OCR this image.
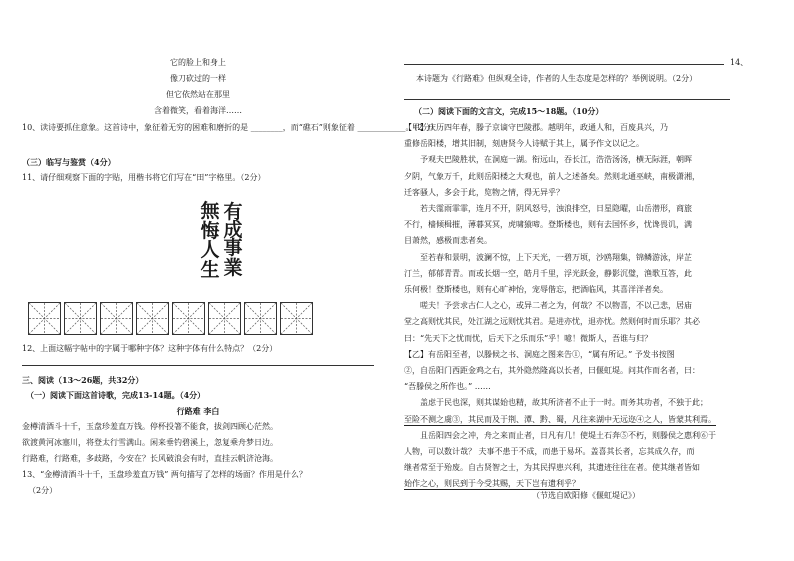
它的脸上和身上
像刀砍过的一样
但它依然站在那里
含着微笑，看着海洋……
10、读诗要抓住意象。这首诗中，象征着无穷的困难和磨折的是 ________，而“礁石”则象征着 ____________。（2分）
（三）临写与鉴赏（4分）
11、请仔细观察下面的字贴，用楷书将它们写在“田”字格里。（2分）
有
成
事
業
無
悔
人
生
12、上面这幅字帖中的字属于哪种字体？这种字体有什么特点？（2分）
三、阅读（13～26题，共32分）
（一）阅读下面这首诗歌，完成13-14题。（4分）
行路难 李白
金樽清酒斗十千，玉盘珍羞直万钱。停杯投箸不能食，拔剑四顾心茫然。
欲渡黄河冰塞川，将登太行雪满山。闲来垂钓碧溪上，忽复乘舟梦日边。
行路难，行路难，多歧路，今安在？长风破浪会有时，直挂云帆济沧海。
13、“金樽清酒斗十千，玉盘珍羞直万钱” 两句描写了怎样的场面？作用是什么？
（2分）
14、
本诗题为《行路难》但纵观全诗，作者的人生态度是怎样的？举例说明。（2分）
（二）阅读下面的文言文，完成15～18题。（10分）
【甲】庆历四年春，滕子京谪守巴陵郡。越明年，政通人和，百废具兴，乃
重修岳阳楼，增其旧制，刻唐贤今人诗赋于其上，属予作文以记之。
予观夫巴陵胜状，在洞庭一湖。衔远山，吞长江，浩浩汤汤，横无际涯，朝晖
夕阴，气象万千，此则岳阳楼之大观也，前人之述备矣。然则北通巫峡，南极潇湘，
迁客骚人，多会于此，览物之情，得无异乎？
若夫霪雨霏霏，连月不开，阴风怒号，浊浪排空，日星隐曜，山岳潜形，商旅
不行，樯倾楫摧，薄暮冥冥，虎啸猿啼。登斯楼也，则有去国怀乡，忧谗畏讥，满
目萧然，感极而悲者矣。
至若春和景明，波澜不惊，上下天光，一碧万顷，沙鸥翔集，锦鳞游泳，岸芷
汀兰，郁郁青青。而或长烟一空，皓月千里，浮光跃金，静影沉璧，渔歌互答，此
乐何极！登斯楼也，则有心旷神怡，宠辱偕忘，把酒临风，其喜洋洋者矣。
嗟夫！予尝求古仁人之心，或异二者之为，何哉？不以物喜，不以己悲，居庙
堂之高则忧其民，处江湖之远则忧其君。是进亦忧，退亦忧。然则何时而乐耶？其必
曰：“先天下之忧而忧，后天下之乐而乐”乎！噫！微斯人，吾谁与归？
【乙】有岳阳至者，以滕候之书、洞庭之图来告①，“属有所记。” 予发书按图
②，自岳阳门西距金鸡之右，其外隐然隆高以长者，曰偃虹堤。问其作而名者，曰：
“吾滕侯之所作也。” ……
盖虑于民也深，则其谋始也精，故其所济者不止于一时。而务其功者，不独于此；
至险不测之虞③，其民而及于荆、潭、黔、蜀，凡往来湖中无远迩④之人，皆蒙其利焉。
且岳阳四会之冲，舟之来而止者，日凡有几！使堤土石奔⑤不朽，则滕侯之惠利⑥于
人物，可以数计哉？ 夫事不患于不成，而患于易坏。盖喜其长者，忘其成久存，而
继者常至于殆废。自古贤智之士，为其民捍患兴利，其遗迹往往在者。使其继者皆如
始作之心，则民到于今受其赐，天下岂有遗利乎？
（节选自欧阳修《偃虹堤记》）
